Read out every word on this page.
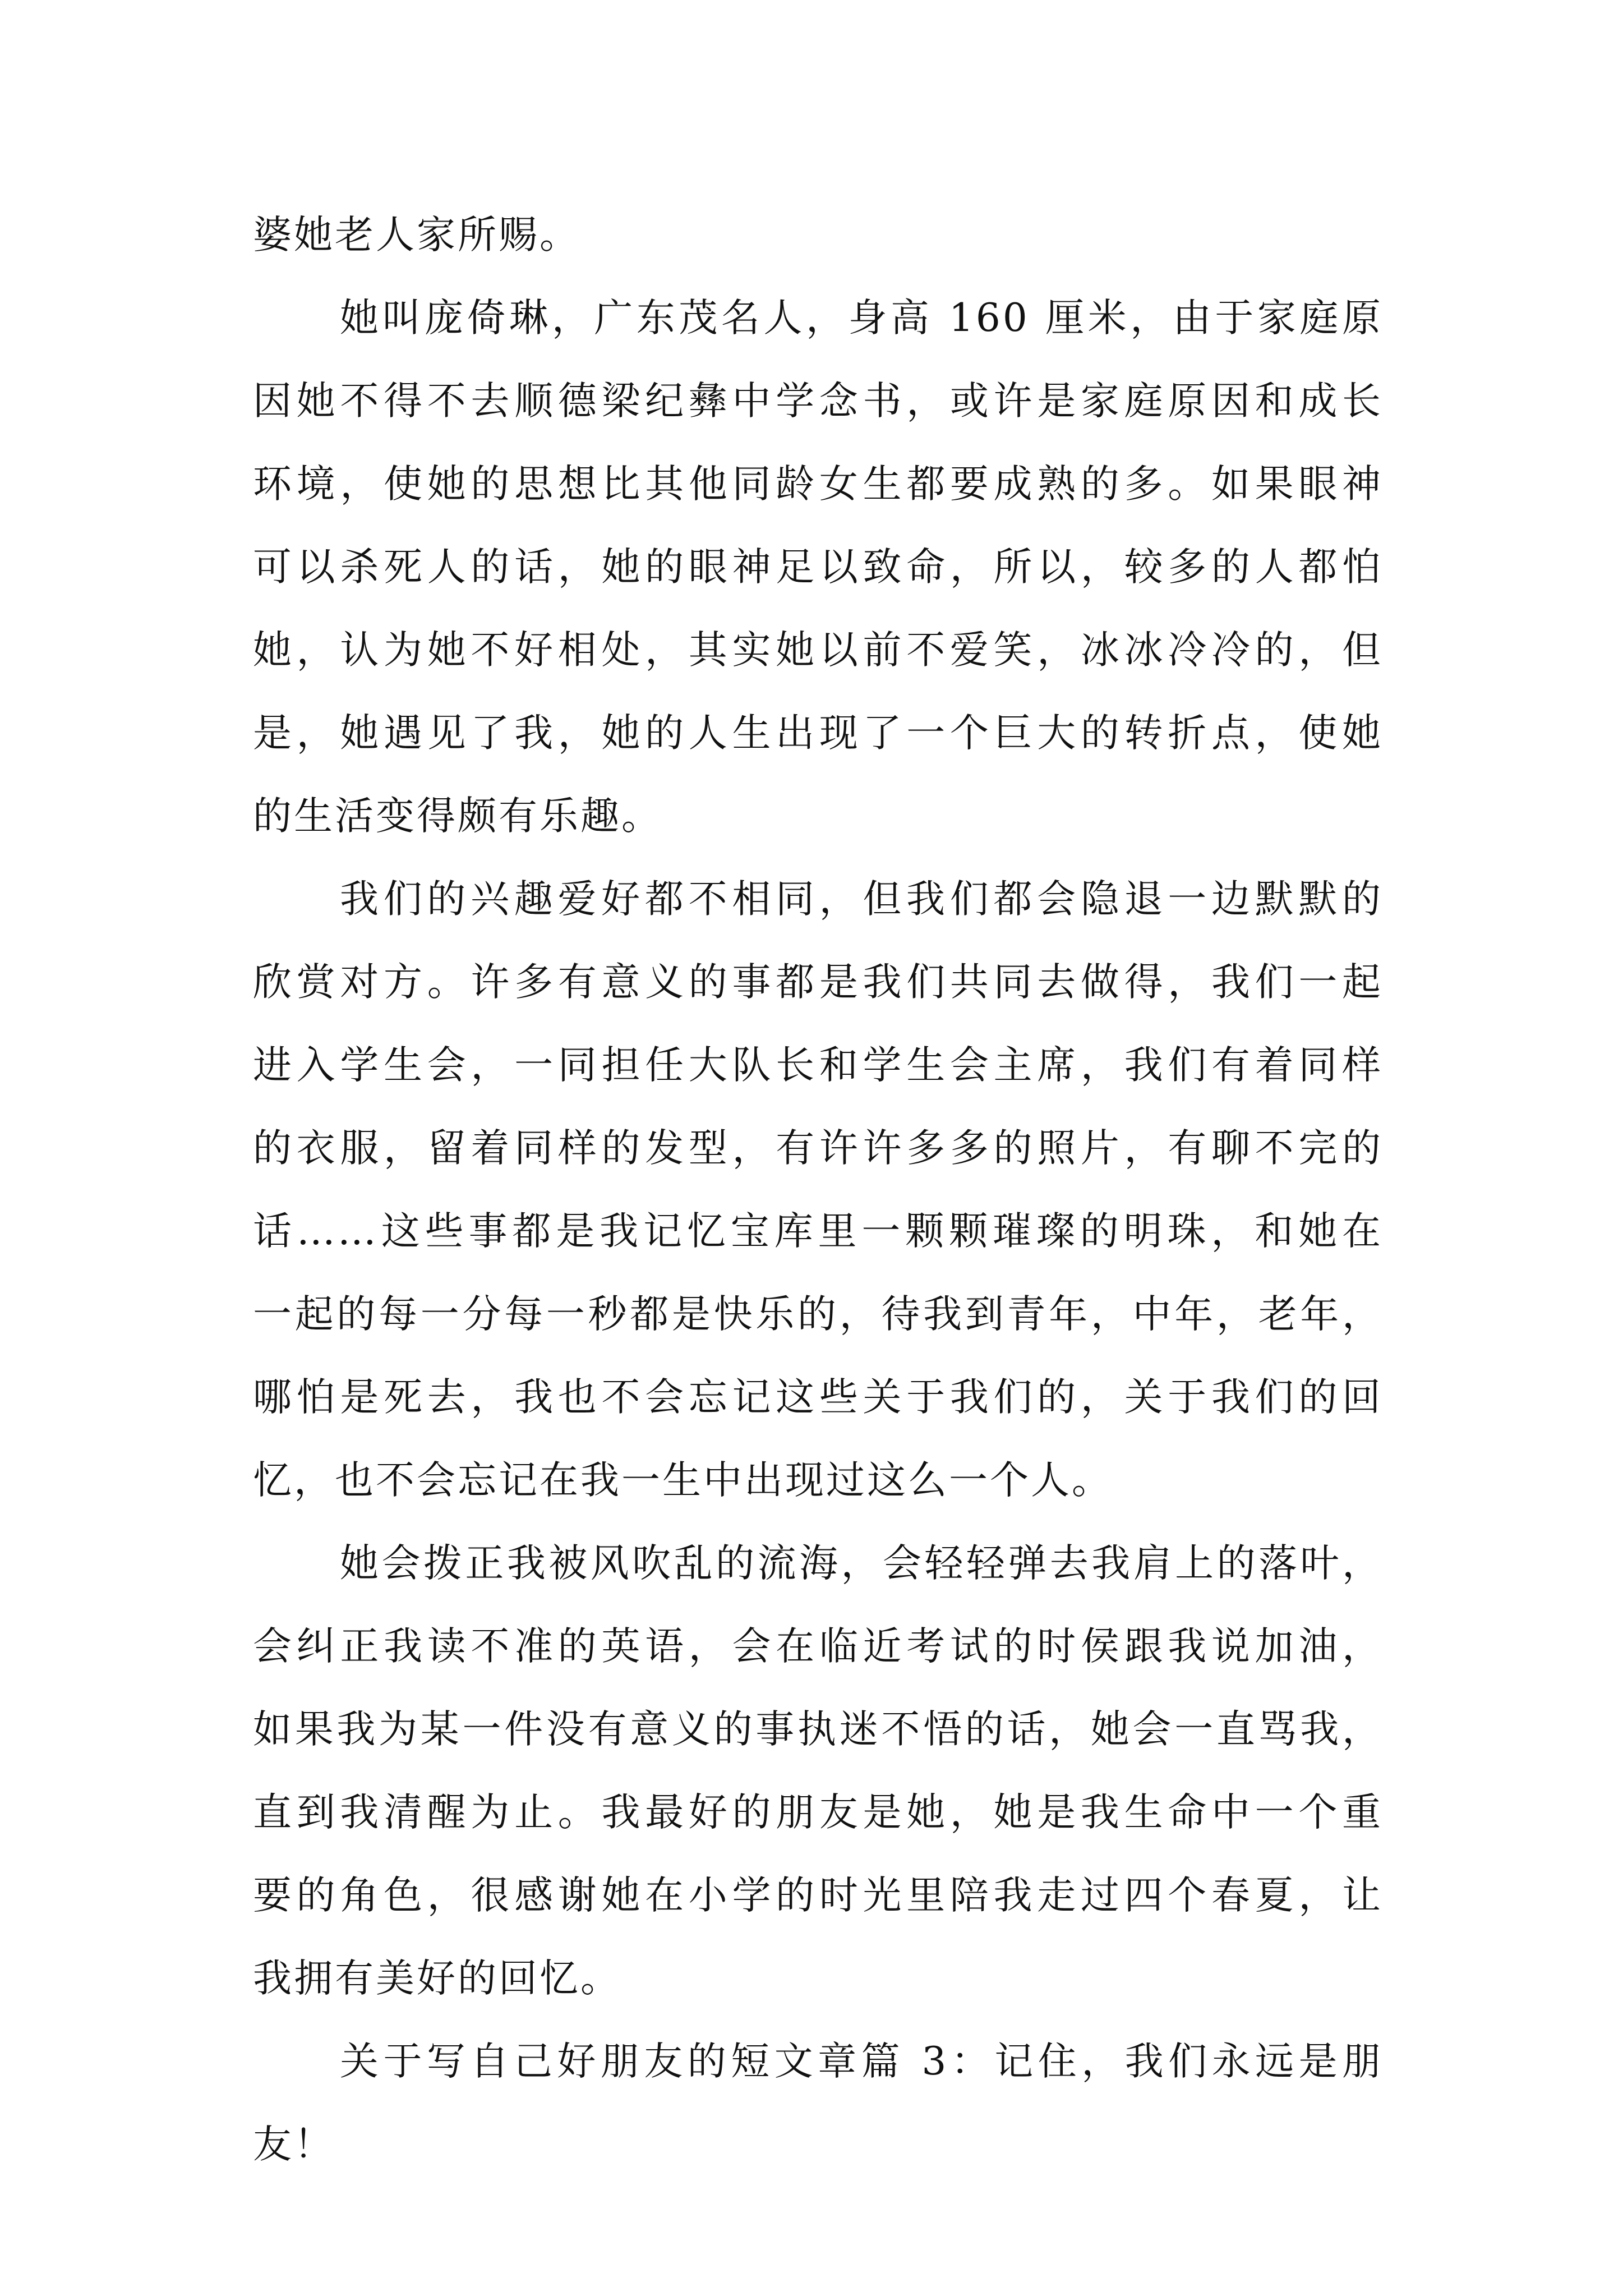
婆她老人家所赐。
她叫庞倚琳，广东茂名人，身高 160 厘米，由于家庭原
因她不得不去顺德梁纪彝中学念书，或许是家庭原因和成长
环境，使她的思想比其他同龄女生都要成熟的多。如果眼神
可以杀死人的话，她的眼神足以致命，所以，较多的人都怕
她，认为她不好相处，其实她以前不爱笑，冰冰冷冷的，但
是，她遇见了我，她的人生出现了一个巨大的转折点，使她
的生活变得颇有乐趣。
我们的兴趣爱好都不相同，但我们都会隐退一边默默的
欣赏对方。许多有意义的事都是我们共同去做得，我们一起
进入学生会，一同担任大队长和学生会主席，我们有着同样
的衣服，留着同样的发型，有许许多多的照片，有聊不完的
话……这些事都是我记忆宝库里一颗颗璀璨的明珠，和她在
一起的每一分每一秒都是快乐的，待我到青年，中年，老年，
哪怕是死去，我也不会忘记这些关于我们的，关于我们的回
忆，也不会忘记在我一生中出现过这么一个人。
她会拨正我被风吹乱的流海，会轻轻弹去我肩上的落叶，
会纠正我读不准的英语，会在临近考试的时侯跟我说加油，
如果我为某一件没有意义的事执迷不悟的话，她会一直骂我，
直到我清醒为止。我最好的朋友是她，她是我生命中一个重
要的角色，很感谢她在小学的时光里陪我走过四个春夏，让
我拥有美好的回忆。
关于写自己好朋友的短文章篇 3：记住，我们永远是朋
友！
